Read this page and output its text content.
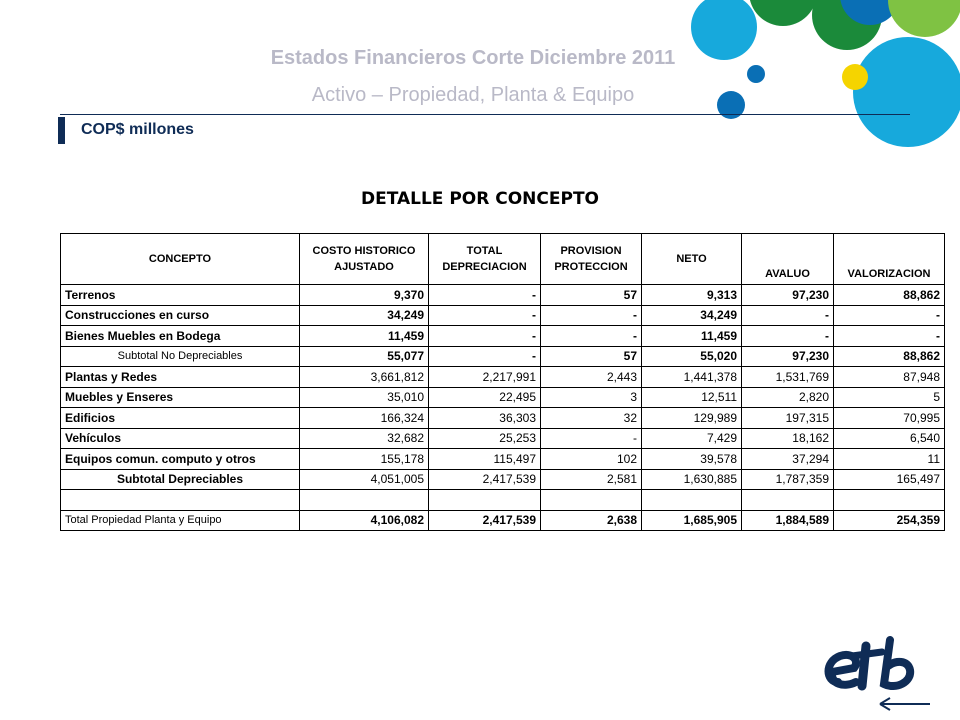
Estados Financieros Corte Diciembre 2011
Activo – Propiedad, Planta & Equipo
COP$ millones
DETALLE POR CONCEPTO
CONCEPTO	COSTO HISTORICO AJUSTADO	TOTAL DEPRECIACION	PROVISION PROTECCION	NETO	AVALUO	VALORIZACION
Terrenos	9,370	-	57	9,313	97,230	88,862
Construcciones en curso	34,249	-	-	34,249	-	-
Bienes Muebles en Bodega	11,459	-	-	11,459	-	-
Subtotal No Depreciables	55,077	-	57	55,020	97,230	88,862
Plantas y Redes	3,661,812	2,217,991	2,443	1,441,378	1,531,769	87,948
Muebles y Enseres	35,010	22,495	3	12,511	2,820	5
Edificios	166,324	36,303	32	129,989	197,315	70,995
Vehículos	32,682	25,253	-	7,429	18,162	6,540
Equipos comun. computo y otros	155,178	115,497	102	39,578	37,294	11
Subtotal Depreciables	4,051,005	2,417,539	2,581	1,630,885	1,787,359	165,497

Total Propiedad Planta y Equipo	4,106,082	2,417,539	2,638	1,685,905	1,884,589	254,359
